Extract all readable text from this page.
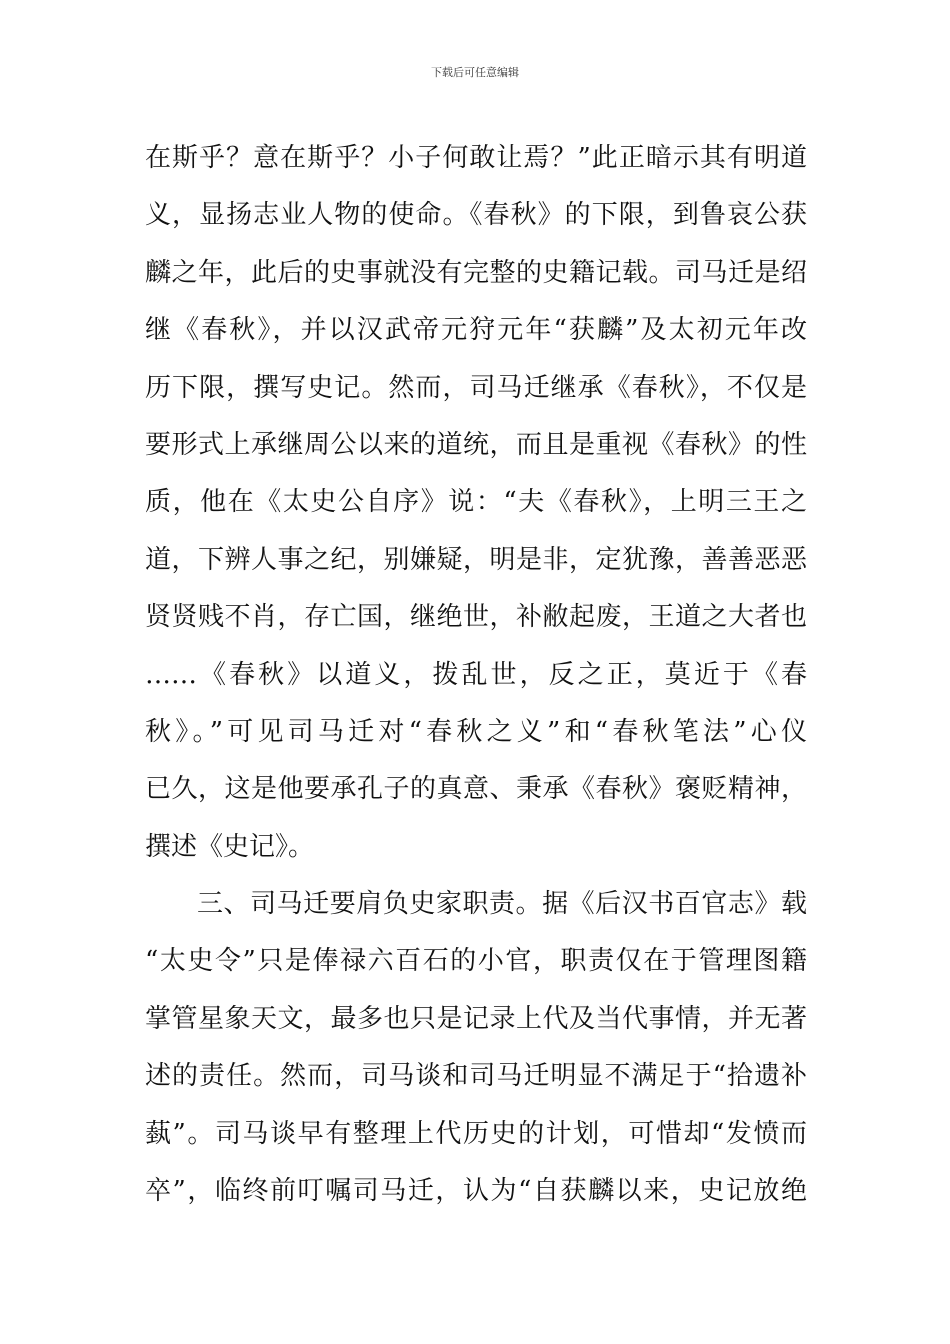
下载后可任意编辑
在斯乎？意在斯乎？小子何敢让焉？”此正暗示其有明道
义，显扬志业人物的使命。《春秋》的下限，到鲁哀公获
麟之年，此后的史事就没有完整的史籍记载。司马迁是绍
继《春秋》，并以汉武帝元狩元年“获麟”及太初元年改
历下限，撰写史记。然而，司马迁继承《春秋》，不仅是
要形式上承继周公以来的道统，而且是重视《春秋》的性
质，他在《太史公自序》说：“夫《春秋》，上明三王之
道，下辨人事之纪，别嫌疑，明是非，定犹豫，善善恶恶
贤贤贱不肖，存亡国，继绝世，补敝起废，王道之大者也
……《春秋》以道义，拨乱世，反之正，莫近于《春
秋》。”可见司马迁对“春秋之义”和“春秋笔法”心仪
已久，这是他要承孔子的真意、秉承《春秋》褒贬精神，
撰述《史记》。
三、司马迁要肩负史家职责。据《后汉书百官志》载
“太史令”只是俸禄六百石的小官，职责仅在于管理图籍
掌管星象天文，最多也只是记录上代及当代事情，并无著
述的责任。然而，司马谈和司马迁明显不满足于“拾遗补
蓺”。司马谈早有整理上代历史的计划，可惜却“发愤而
卒”，临终前叮嘱司马迁，认为“自获麟以来，史记放绝
